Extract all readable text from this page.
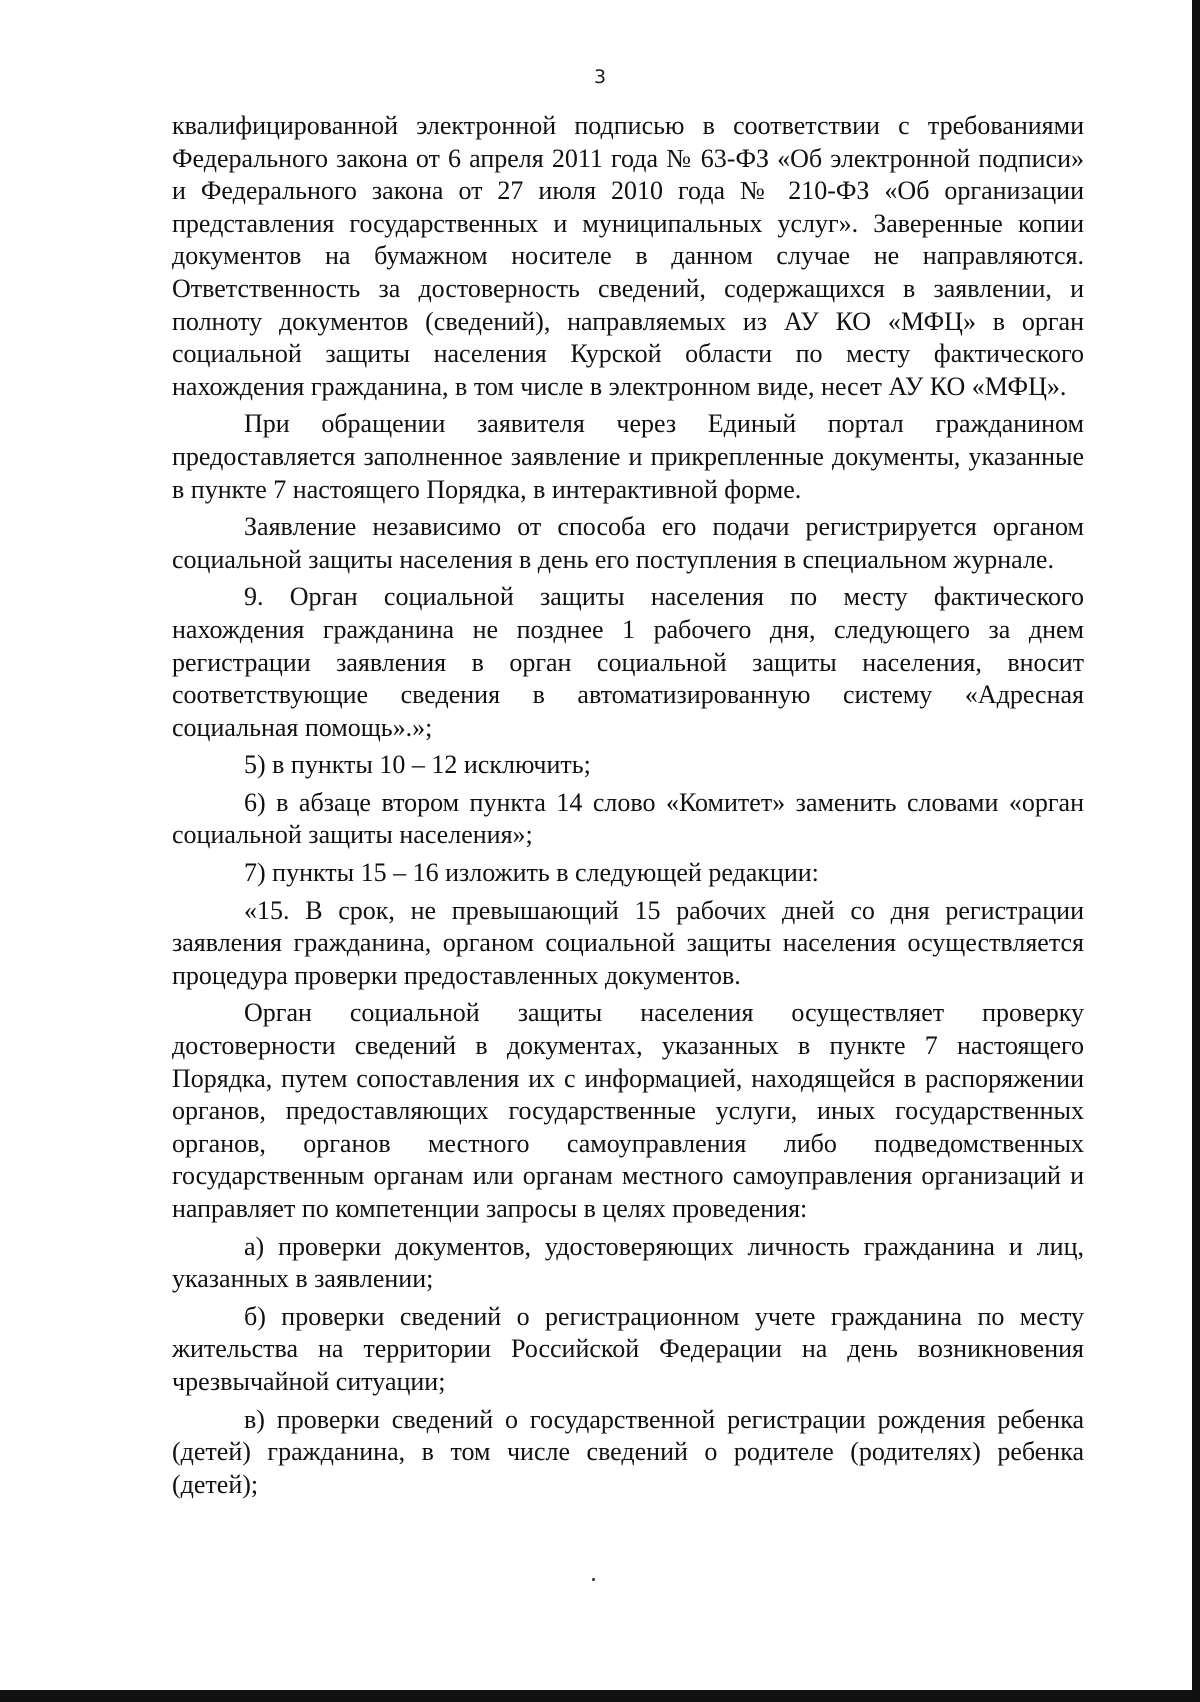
3

квалифицированной электронной подписью в соответствии с требованиями Федерального закона от 6 апреля 2011 года № 63-ФЗ «Об электронной подписи» и Федерального закона от 27 июля 2010 года № 210-ФЗ «Об организации представления государственных и муниципальных услуг». Заверенные копии документов на бумажном носителе в данном случае не направляются. Ответственность за достоверность сведений, содержащихся в заявлении, и полноту документов (сведений), направляемых из АУ КО «МФЦ» в орган социальной защиты населения Курской области по месту фактического нахождения гражданина, в том числе в электронном виде, несет АУ КО «МФЦ».

При обращении заявителя через Единый портал гражданином предоставляется заполненное заявление и прикрепленные документы, указанные в пункте 7 настоящего Порядка, в интерактивной форме.

Заявление независимо от способа его подачи регистрируется органом социальной защиты населения в день его поступления в специальном журнале.

9. Орган социальной защиты населения по месту фактического нахождения гражданина не позднее 1 рабочего дня, следующего за днем регистрации заявления в орган социальной защиты населения, вносит соответствующие сведения в автоматизированную систему «Адресная социальная помощь».»;

5) в пункты 10 – 12 исключить;

6) в абзаце втором пункта 14 слово «Комитет» заменить словами «орган социальной защиты населения»;

7) пункты 15 – 16 изложить в следующей редакции:

«15. В срок, не превышающий 15 рабочих дней со дня регистрации заявления гражданина, органом социальной защиты населения осуществляется процедура проверки предоставленных документов.

Орган социальной защиты населения осуществляет проверку достоверности сведений в документах, указанных в пункте 7 настоящего Порядка, путем сопоставления их с информацией, находящейся в распоряжении органов, предоставляющих государственные услуги, иных государственных органов, органов местного самоуправления либо подведомственных государственным органам или органам местного самоуправления организаций и направляет по компетенции запросы в целях проведения:

а) проверки документов, удостоверяющих личность гражданина и лиц, указанных в заявлении;

б) проверки сведений о регистрационном учете гражданина по месту жительства на территории Российской Федерации на день возникновения чрезвычайной ситуации;

в) проверки сведений о государственной регистрации рождения ребенка (детей) гражданина, в том числе сведений о родителе (родителях) ребенка (детей);
